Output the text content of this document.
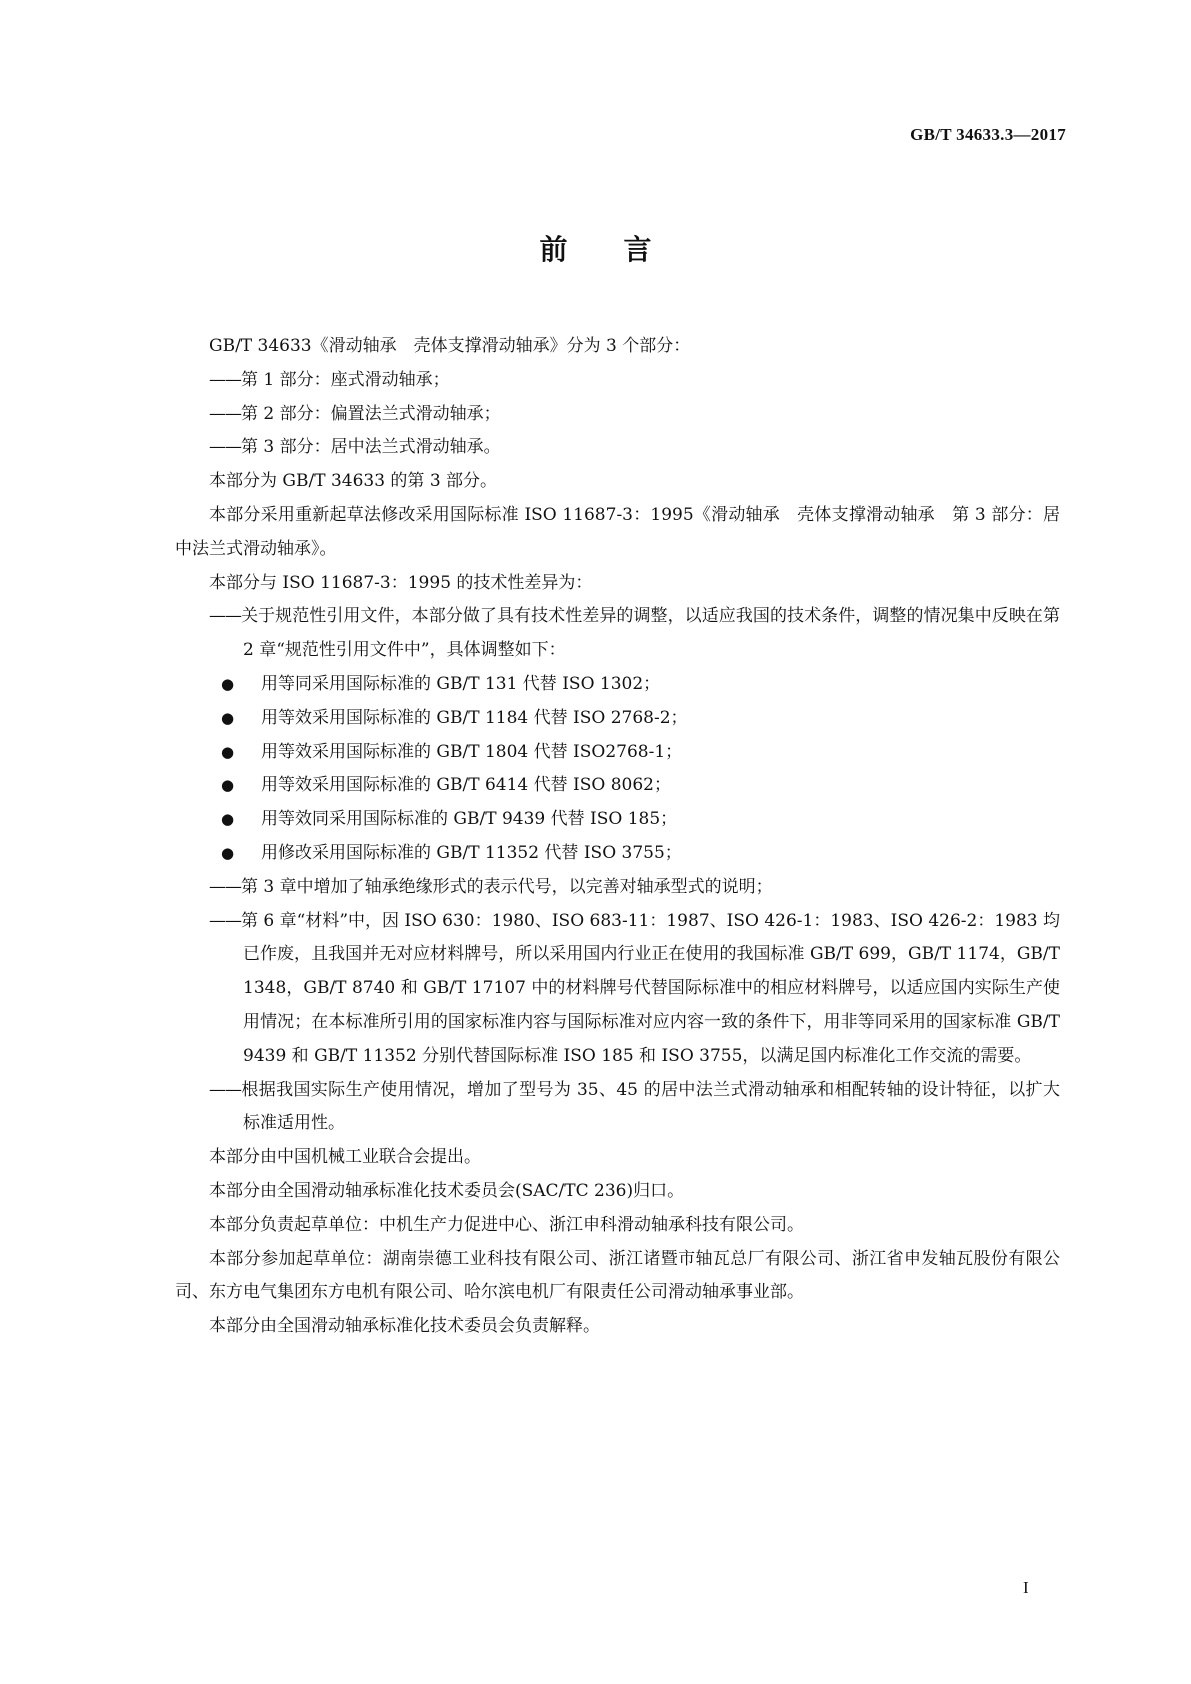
GB/T 34633.3—2017
前言

GB/T 34633《滑动轴承　壳体支撑滑动轴承》分为 3 个部分：

——第 1 部分：座式滑动轴承；

——第 2 部分：偏置法兰式滑动轴承；

——第 3 部分：居中法兰式滑动轴承。

本部分为 GB/T 34633 的第 3 部分。

本部分采用重新起草法修改采用国际标准 ISO 11687-3：1995《滑动轴承　壳体支撑滑动轴承　第 3 部分：居中法兰式滑动轴承》。

本部分与 ISO 11687-3：1995 的技术性差异为：

——关于规范性引用文件，本部分做了具有技术性差异的调整，以适应我国的技术条件，调整的情况集中反映在第 2 章“规范性引用文件中”，具体调整如下：

● 用等同采用国际标准的 GB/T 131 代替 ISO 1302；

● 用等效采用国际标准的 GB/T 1184 代替 ISO 2768-2；

● 用等效采用国际标准的 GB/T 1804 代替 ISO2768-1；

● 用等效采用国际标准的 GB/T 6414 代替 ISO 8062；

● 用等效同采用国际标准的 GB/T 9439 代替 ISO 185；

● 用修改采用国际标准的 GB/T 11352 代替 ISO 3755；

——第 3 章中增加了轴承绝缘形式的表示代号，以完善对轴承型式的说明；

——第 6 章“材料”中，因 ISO 630：1980、ISO 683-11：1987、ISO 426-1：1983、ISO 426-2：1983 均已作废，且我国并无对应材料牌号，所以采用国内行业正在使用的我国标准 GB/T 699，GB/T 1174，GB/T 1348，GB/T 8740 和 GB/T 17107 中的材料牌号代替国际标准中的相应材料牌号，以适应国内实际生产使用情况；在本标准所引用的国家标准内容与国际标准对应内容一致的条件下，用非等同采用的国家标准 GB/T 9439 和 GB/T 11352 分别代替国际标准 ISO 185 和 ISO 3755，以满足国内标准化工作交流的需要。

——根据我国实际生产使用情况，增加了型号为 35、45 的居中法兰式滑动轴承和相配转轴的设计特征，以扩大标准适用性。

本部分由中国机械工业联合会提出。

本部分由全国滑动轴承标准化技术委员会(SAC/TC 236)归口。

本部分负责起草单位：中机生产力促进中心、浙江申科滑动轴承科技有限公司。

本部分参加起草单位：湖南崇德工业科技有限公司、浙江诸暨市轴瓦总厂有限公司、浙江省申发轴瓦股份有限公司、东方电气集团东方电机有限公司、哈尔滨电机厂有限责任公司滑动轴承事业部。

本部分由全国滑动轴承标准化技术委员会负责解释。

I
